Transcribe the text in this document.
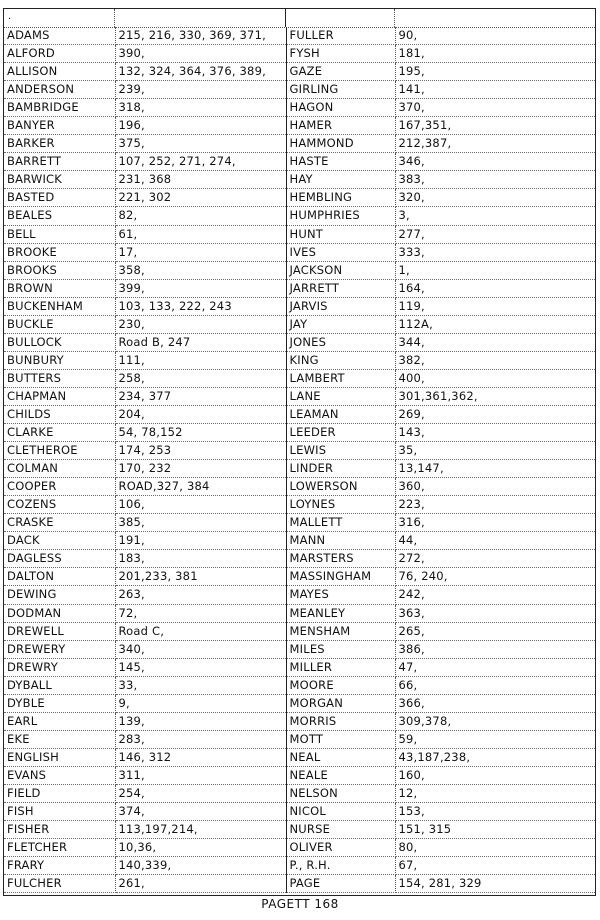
.
ADAMS	215, 216, 330, 369, 371,	FULLER	90,
ALFORD	390,	FYSH	181,
ALLISON	132, 324, 364, 376, 389,	GAZE	195,
ANDERSON	239,	GIRLING	141,
BAMBRIDGE	318,	HAGON	370,
BANYER	196,	HAMER	167,351,
BARKER	375,	HAMMOND	212,387,
BARRETT	107, 252, 271, 274,	HASTE	346,
BARWICK	231, 368	HAY	383,
BASTED	221, 302	HEMBLING	320,
BEALES	82,	HUMPHRIES	3,
BELL	61,	HUNT	277,
BROOKE	17,	IVES	333,
BROOKS	358,	JACKSON	1,
BROWN	399,	JARRETT	164,
BUCKENHAM	103, 133, 222, 243	JARVIS	119,
BUCKLE	230,	JAY	112A,
BULLOCK	Road B, 247	JONES	344,
BUNBURY	111,	KING	382,
BUTTERS	258,	LAMBERT	400,
CHAPMAN	234, 377	LANE	301,361,362,
CHILDS	204,	LEAMAN	269,
CLARKE	54, 78,152	LEEDER	143,
CLETHEROE	174, 253	LEWIS	35,
COLMAN	170, 232	LINDER	13,147,
COOPER	ROAD,327, 384	LOWERSON	360,
COZENS	106,	LOYNES	223,
CRASKE	385,	MALLETT	316,
DACK	191,	MANN	44,
DAGLESS	183,	MARSTERS	272,
DALTON	201,233, 381	MASSINGHAM	76, 240,
DEWING	263,	MAYES	242,
DODMAN	72,	MEANLEY	363,
DREWELL	Road C,	MENSHAM	265,
DREWERY	340,	MILES	386,
DREWRY	145,	MILLER	47,
DYBALL	33,	MOORE	66,
DYBLE	9,	MORGAN	366,
EARL	139,	MORRIS	309,378,
EKE	283,	MOTT	59,
ENGLISH	146, 312	NEAL	43,187,238,
EVANS	311,	NEALE	160,
FIELD	254,	NELSON	12,
FISH	374,	NICOL	153,
FISHER	113,197,214,	NURSE	151, 315
FLETCHER	10,36,	OLIVER	80,
FRARY	140,339,	P., R.H.	67,
FULCHER	261,	PAGE	154, 281, 329
PAGETT 168
